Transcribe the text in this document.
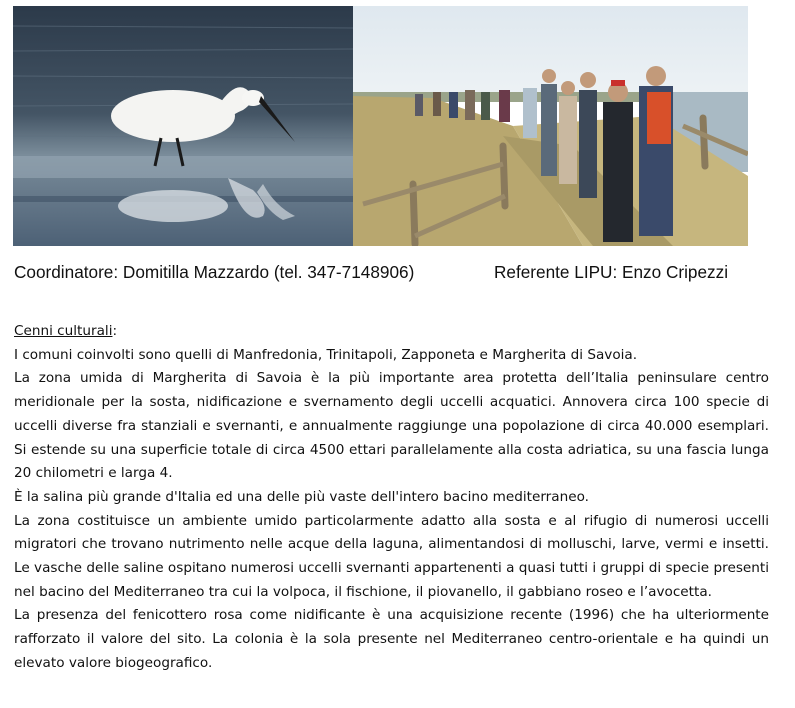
Coordinatore: Domitilla Mazzardo (tel. 347-7148906)	Referente LIPU: Enzo Cripezzi

Cenni culturali:

I comuni coinvolti sono quelli di Manfredonia, Trinitapoli, Zapponeta e Margherita di Savoia.

La zona umida di Margherita di Savoia è la più importante area protetta dell’Italia peninsulare centro meridionale per la sosta, nidificazione e svernamento degli uccelli acquatici. Annovera circa 100 specie di uccelli diverse fra stanziali e svernanti, e annualmente raggiunge una popolazione di circa 40.000 esemplari. Si estende su una superficie totale di circa 4500 ettari parallelamente alla costa adriatica, su una fascia lunga 20 chilometri e larga 4.

È la salina più grande d'Italia ed una delle più vaste dell'intero bacino mediterraneo.

La zona costituisce un ambiente umido particolarmente adatto alla sosta e al rifugio di numerosi uccelli migratori che trovano nutrimento nelle acque della laguna, alimentandosi di molluschi, larve, vermi e insetti. Le vasche delle saline ospitano numerosi uccelli svernanti appartenenti a quasi tutti i gruppi di specie presenti nel bacino del Mediterraneo tra cui la volpoca, il fischione, il piovanello, il gabbiano roseo e l’avocetta.

La presenza del fenicottero rosa come nidificante è una acquisizione recente (1996) che ha ulteriormente rafforzato il valore del sito. La colonia è la sola presente nel Mediterraneo centro-orientale e ha quindi un elevato valore biogeografico.
